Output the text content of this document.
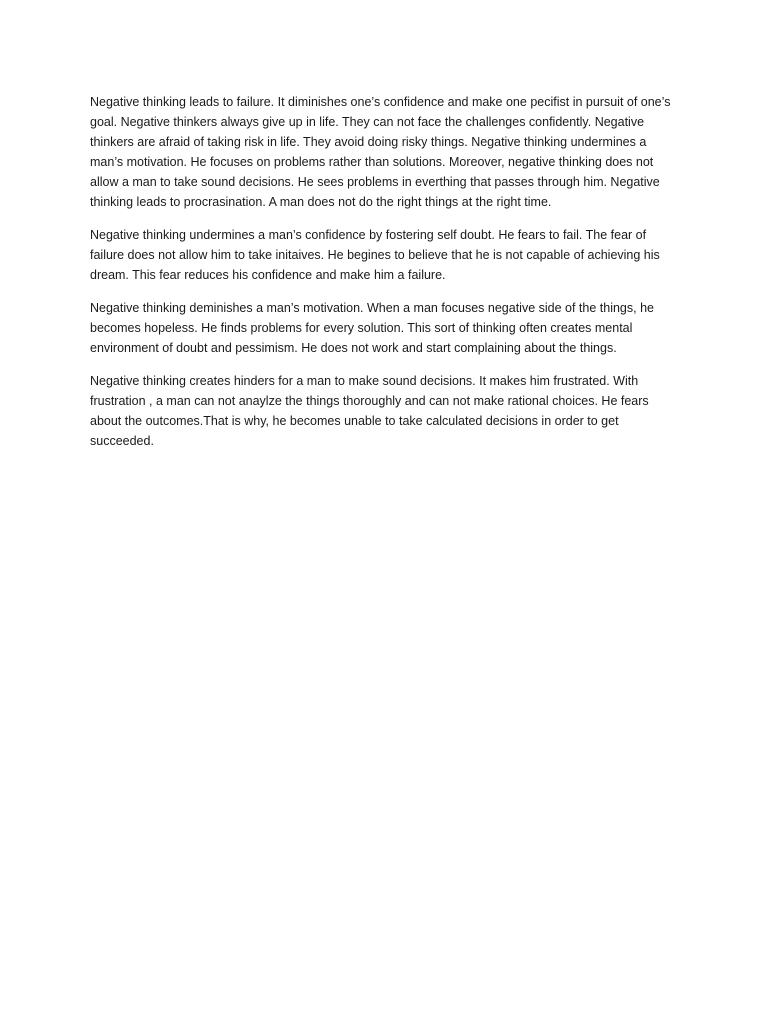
Negative thinking leads to failure. It diminishes one’s confidence and make one pecifist in pursuit of one’s goal. Negative thinkers always give up in life. They can not face the challenges confidently. Negative thinkers are afraid of taking risk in life. They avoid doing risky things. Negative thinking undermines a man’s motivation. He focuses on problems rather than solutions. Moreover, negative thinking does not allow a man to take sound decisions. He sees problems in everthing that passes through him. Negative thinking leads to procrasination. A man does not do the right things at the right time.

Negative thinking undermines a man’s confidence by fostering self doubt. He fears to fail. The fear of failure does not allow him to take initaives. He begines to believe that he is not capable of achieving his dream. This fear reduces his confidence and make him a failure.

Negative thinking deminishes a man’s motivation. When a man focuses negative side of the things, he becomes hopeless. He finds problems for every solution. This sort of thinking often creates mental environment of doubt and pessimism. He does not work and start complaining about the things.

Negative thinking creates hinders for a man to make sound decisions. It makes him frustrated. With frustration , a man can not anaylze the things thoroughly and can not make rational choices. He fears about the outcomes.That is why, he becomes unable to take calculated decisions in order to get succeeded.
